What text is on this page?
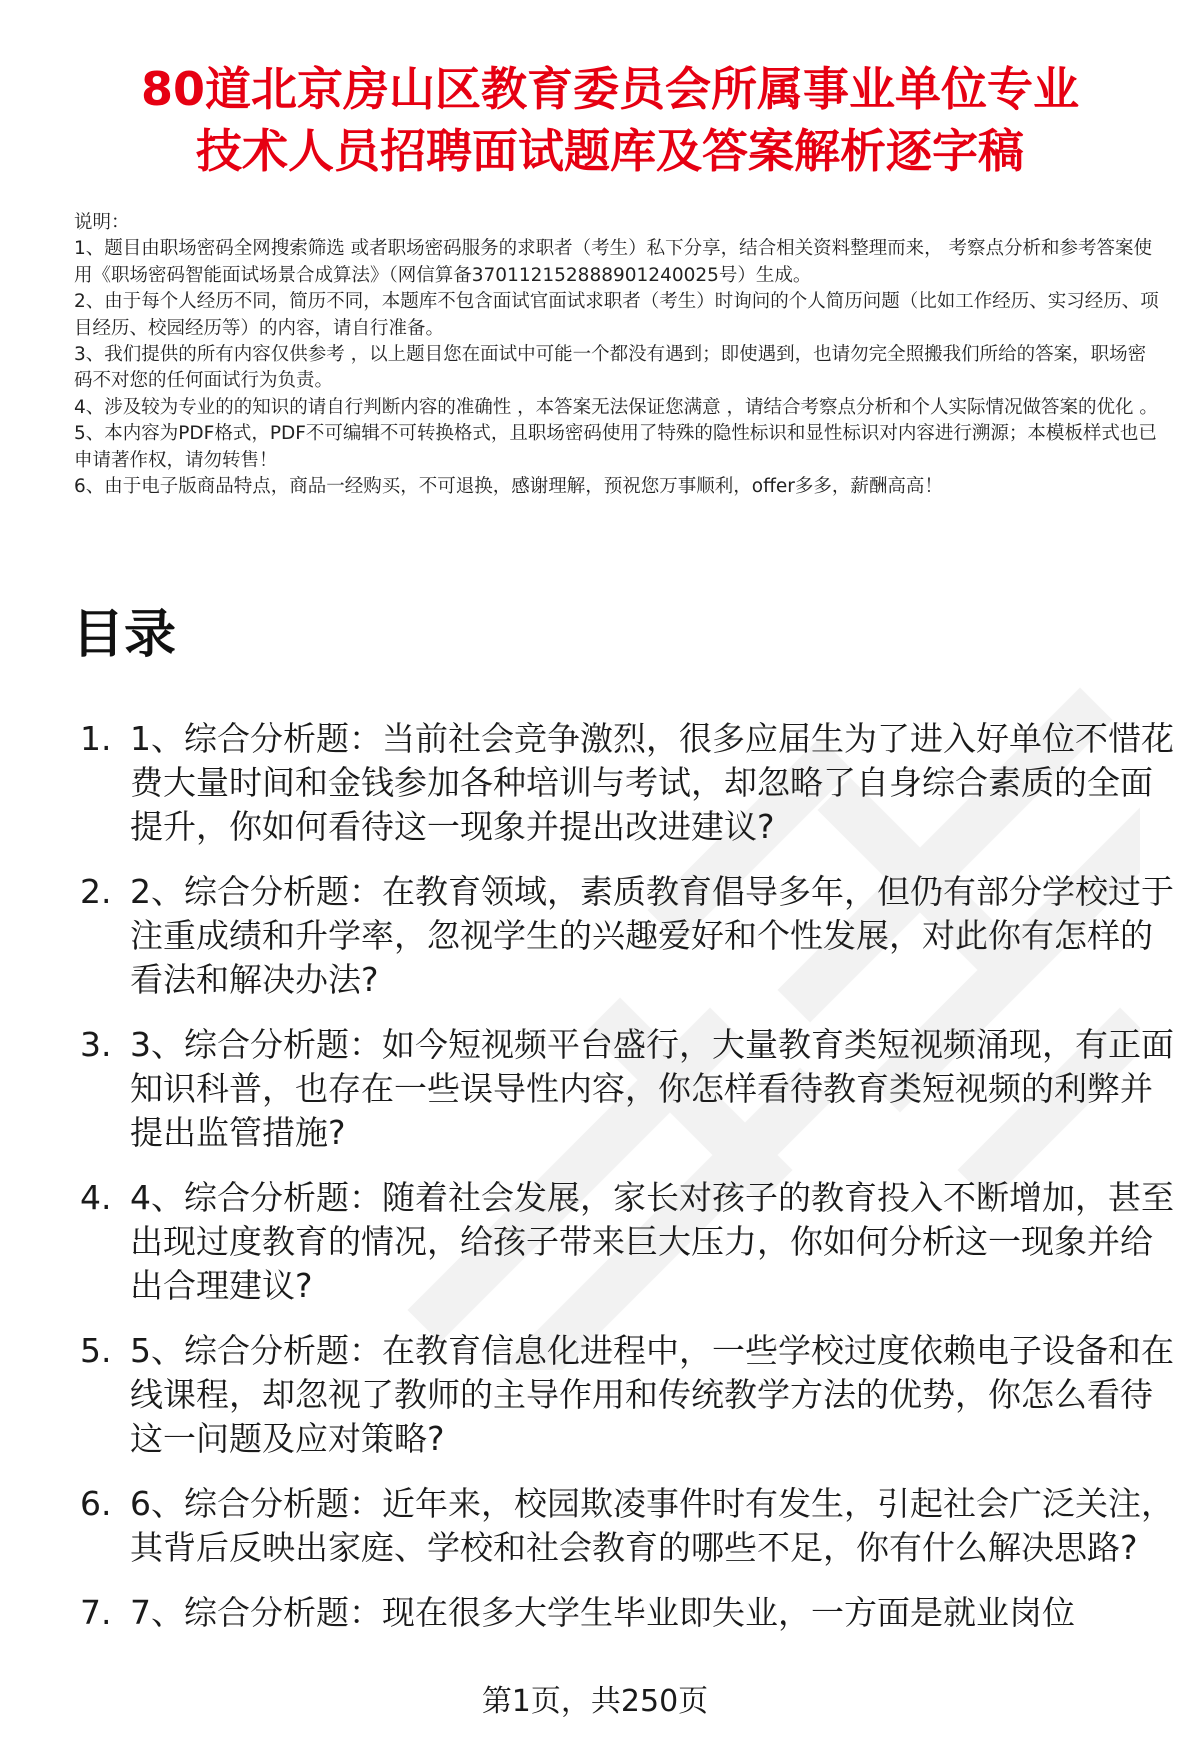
80道北京房山区教育委员会所属事业单位专业
技术人员招聘面试题库及答案解析逐字稿

说明：

1、题目由职场密码全网搜索筛选 或者职场密码服务的求职者（考生）私下分享，结合相关资料整理而来， 考察点分析和参考答案使用《职场密码智能面试场景合成算法》（网信算备370112152888901240025号）生成。

2、由于每个人经历不同，简历不同，本题库不包含面试官面试求职者（考生）时询问的个人简历问题（比如工作经历、实习经历、项目经历、校园经历等）的内容，请自行准备。

3、我们提供的所有内容仅供参考 ，以上题目您在面试中可能一个都没有遇到；即使遇到，也请勿完全照搬我们所给的答案，职场密码不对您的任何面试行为负责。

4、涉及较为专业的的知识的请自行判断内容的准确性 ，本答案无法保证您满意 ，请结合考察点分析和个人实际情况做答案的优化 。

5、本内容为PDF格式，PDF不可编辑不可转换格式，且职场密码使用了特殊的隐性标识和显性标识对内容进行溯源；本模板样式也已申请著作权，请勿转售！

6、由于电子版商品特点，商品一经购买，不可退换，感谢理解，预祝您万事顺利，offer多多，薪酬高高！

目录
1. 1、综合分析题：当前社会竞争激烈，很多应届生为了进入好单位不惜花费大量时间和金钱参加各种培训与考试，却忽略了自身综合素质的全面提升，你如何看待这一现象并提出改进建议?
2. 2、综合分析题：在教育领域，素质教育倡导多年，但仍有部分学校过于注重成绩和升学率，忽视学生的兴趣爱好和个性发展，对此你有怎样的看法和解决办法?
3. 3、综合分析题：如今短视频平台盛行，大量教育类短视频涌现，有正面知识科普，也存在一些误导性内容，你怎样看待教育类短视频的利弊并提出监管措施?
4. 4、综合分析题：随着社会发展，家长对孩子的教育投入不断增加，甚至出现过度教育的情况，给孩子带来巨大压力，你如何分析这一现象并给出合理建议?
5. 5、综合分析题：在教育信息化进程中，一些学校过度依赖电子设备和在线课程，却忽视了教师的主导作用和传统教学方法的优势，你怎么看待这一问题及应对策略?
6. 6、综合分析题：近年来，校园欺凌事件时有发生，引起社会广泛关注，其背后反映出家庭、学校和社会教育的哪些不足，你有什么解决思路?
7. 7、综合分析题：现在很多大学生毕业即失业，一方面是就业岗位
第1页，共250页
